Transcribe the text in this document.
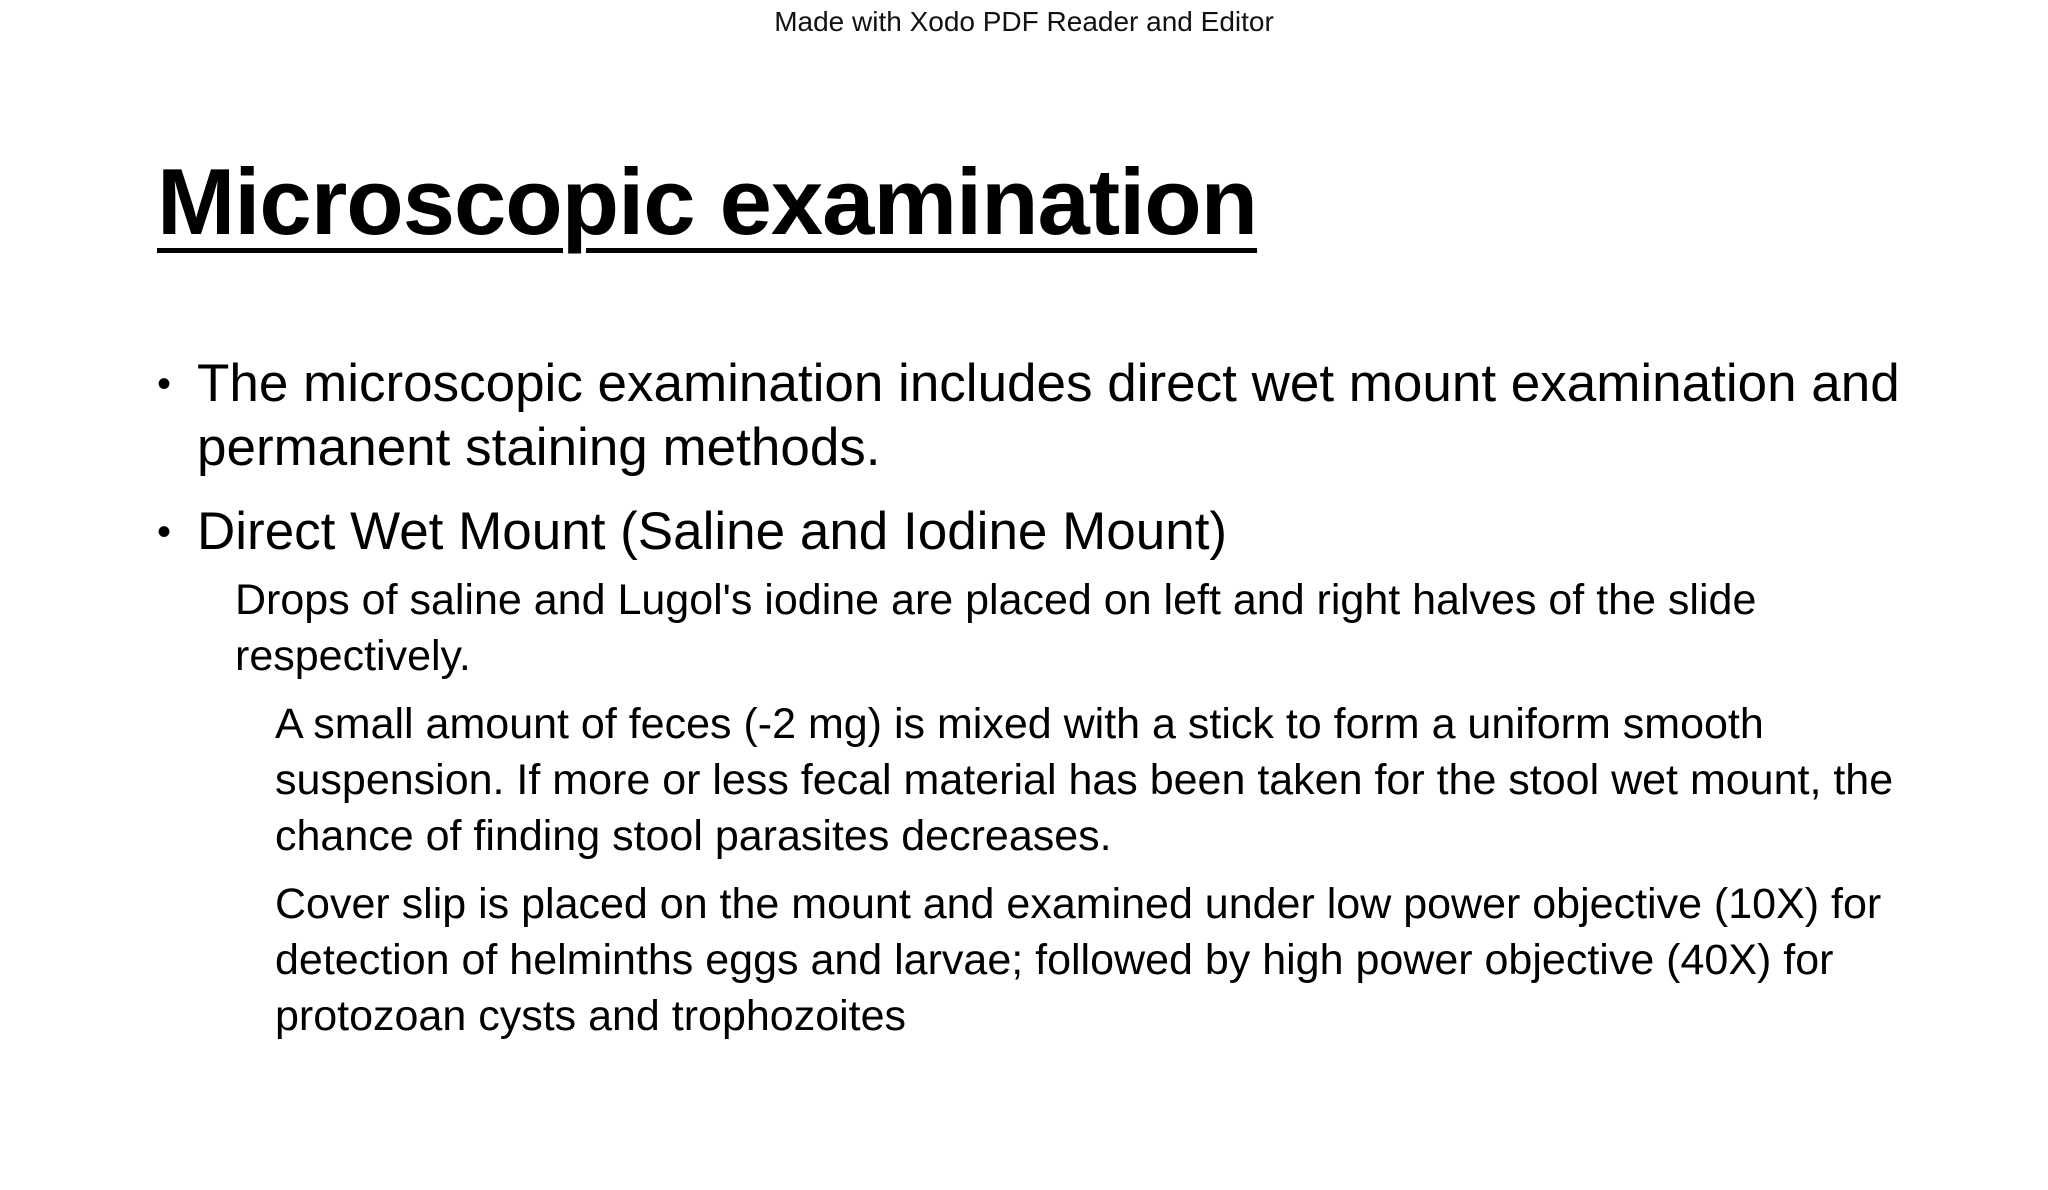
Made with Xodo PDF Reader and Editor
Microscopic examination
• The microscopic examination includes direct wet mount examination and permanent staining methods.
• Direct Wet Mount (Saline and Iodine Mount)
Drops of saline and Lugol's iodine are placed on left and right halves of the slide respectively.
A small amount of feces (-2 mg) is mixed with a stick to form a uniform smooth suspension. If more or less fecal material has been taken for the stool wet mount, the chance of finding stool parasites decreases.
Cover slip is placed on the mount and examined under low power objective (10X) for detection of helminths eggs and larvae; followed by high power objective (40X) for protozoan cysts and trophozoites
